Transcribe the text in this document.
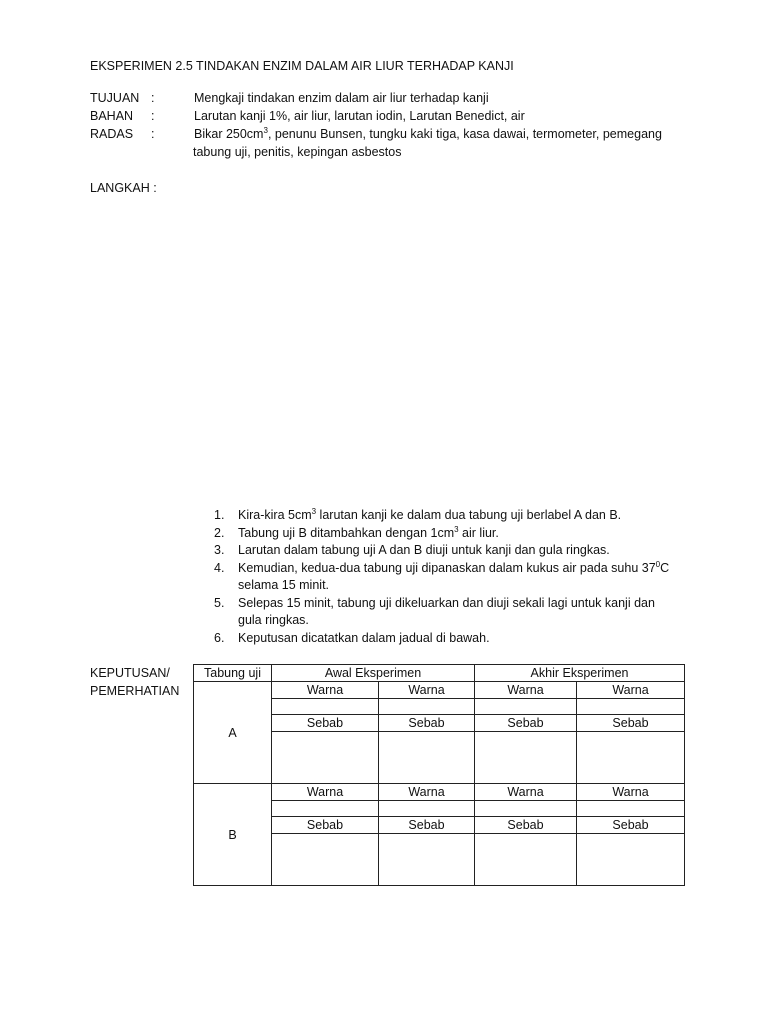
EKSPERIMEN 2.5 TINDAKAN ENZIM DALAM AIR LIUR TERHADAP KANJI
TUJUAN :	Mengkaji tindakan enzim dalam air liur terhadap kanji
BAHAN :	Larutan kanji 1%, air liur, larutan iodin, Larutan Benedict, air
RADAS :	Bikar $250cm^3$, penunu Bunsen, tungku kaki tiga, kasa dawai, termometer, pemegang
tabung uji, penitis, kepingan asbestos
LANGKAH :
1. Kira-kira $5cm^3$ larutan kanji ke dalam dua tabung uji berlabel A dan B.
2. Tabung uji B ditambahkan dengan $1cm^3$ air liur.
3. Larutan dalam tabung uji A dan B diuji untuk kanji dan gula ringkas.
4. Kemudian, kedua-dua tabung uji dipanaskan dalam kukus air pada suhu $37^0C$
selama 15 minit.
5. Selepas 15 minit, tabung uji dikeluarkan dan diuji sekali lagi untuk kanji dan
gula ringkas.
6. Keputusan dicatatkan dalam jadual di bawah.
KEPUTUSAN/
PEMERHATIAN
Tabung uji	Awal Eksperimen		Akhir Eksperimen	
A	Warna	Warna	Warna	Warna

	Sebab	Sebab	Sebab	Sebab

B	Warna	Warna	Warna	Warna

	Sebab	Sebab	Sebab	Sebab
